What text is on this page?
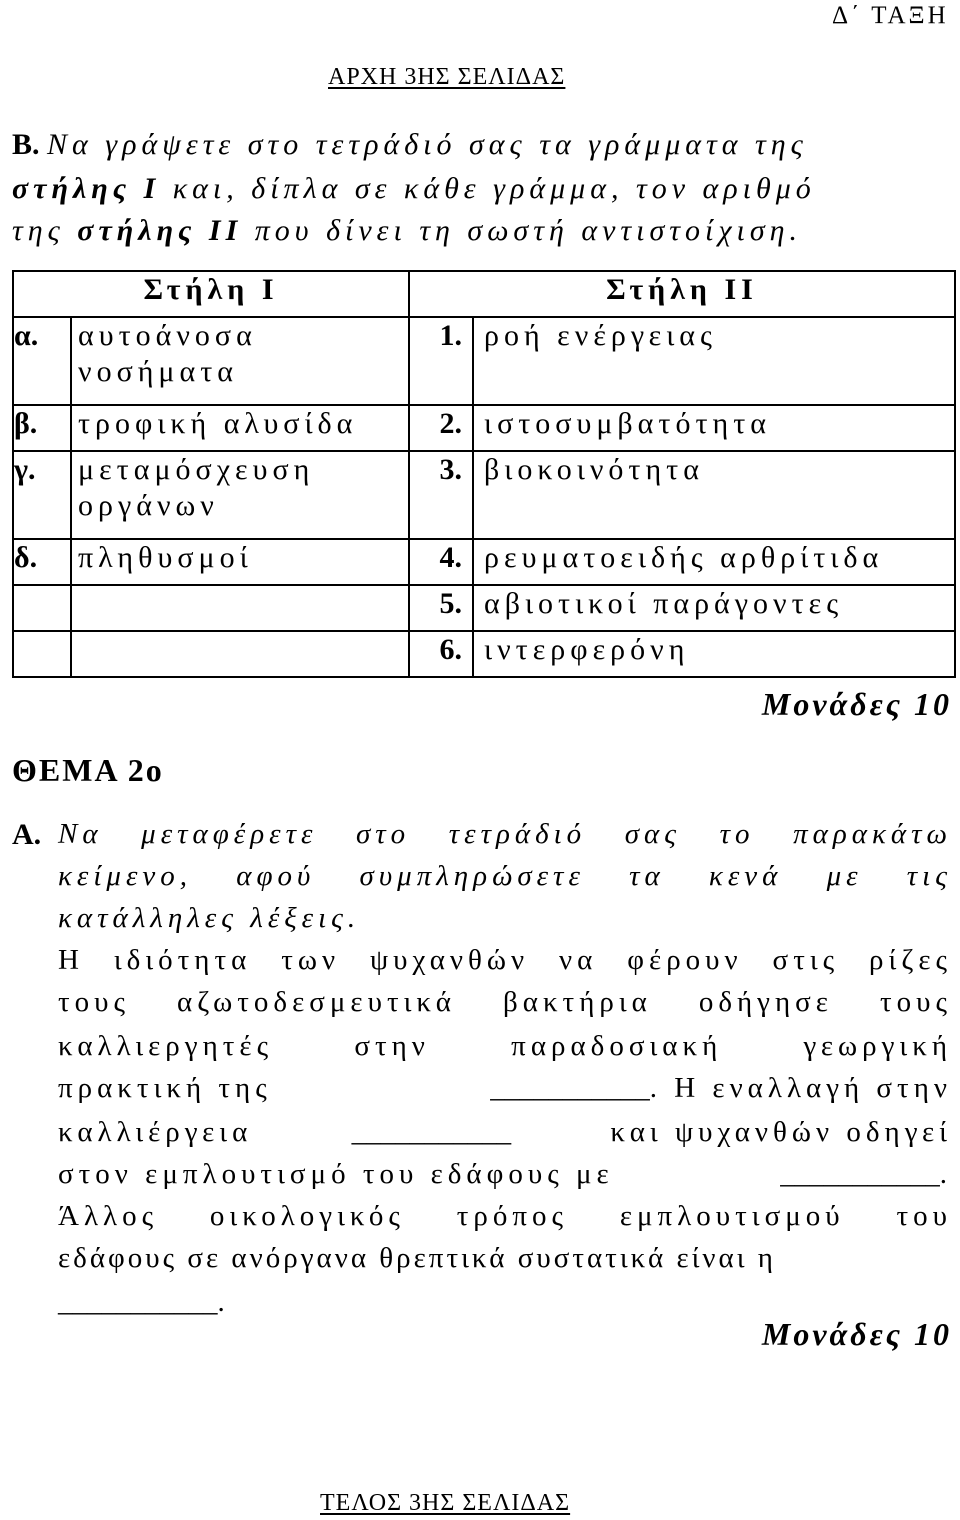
Δ΄ ΤΑΞΗ
ΑΡΧΗ 3ΗΣ ΣΕΛΙΔΑΣ
Β. Να γράψετε στο τετράδιό σας τα γράμματα της
στήλης Ι και, δίπλα σε κάθε γράμμα, τον αριθμό
της στήλης ΙΙ που δίνει τη σωστή αντιστοίχιση.
Στήλη Ι		Στήλη ΙΙ	
α.	αυτοάνοσα νοσήματα	1.	ροή ενέργειας
β.	τροφική αλυσίδα	2.	ιστοσυμβατότητα
γ.	μεταμόσχευση οργάνων	3.	βιοκοινότητα
δ.	πληθυσμοί	4.	ρευματοειδής αρθρίτιδα
		5.	αβιοτικοί παράγοντες
		6.	ιντερφερόνη
Μονάδες 10
ΘΕΜΑ 2ο
Α. Να μεταφέρετε στο τετράδιό σας το παρακάτω
κείμενο, αφού συμπληρώσετε τα κενά με τις
κατάλληλες λέξεις.
Η ιδιότητα των ψυχανθών να φέρουν στις ρίζες
τους αζωτοδεσμευτικά βακτήρια οδήγησε τους
καλλιεργητές στην παραδοσιακή γεωργική
πρακτική της	___________. Η εναλλαγή στην
καλλιέργεια	___________	και ψυχανθών οδηγεί
στον εμπλουτισμό του εδάφους με	___________.
Άλλος οικολογικός τρόπος εμπλουτισμού του
εδάφους σε ανόργανα θρεπτικά συστατικά είναι η
___________.
Μονάδες 10
ΤΕΛΟΣ 3ΗΣ ΣΕΛΙΔΑΣ
